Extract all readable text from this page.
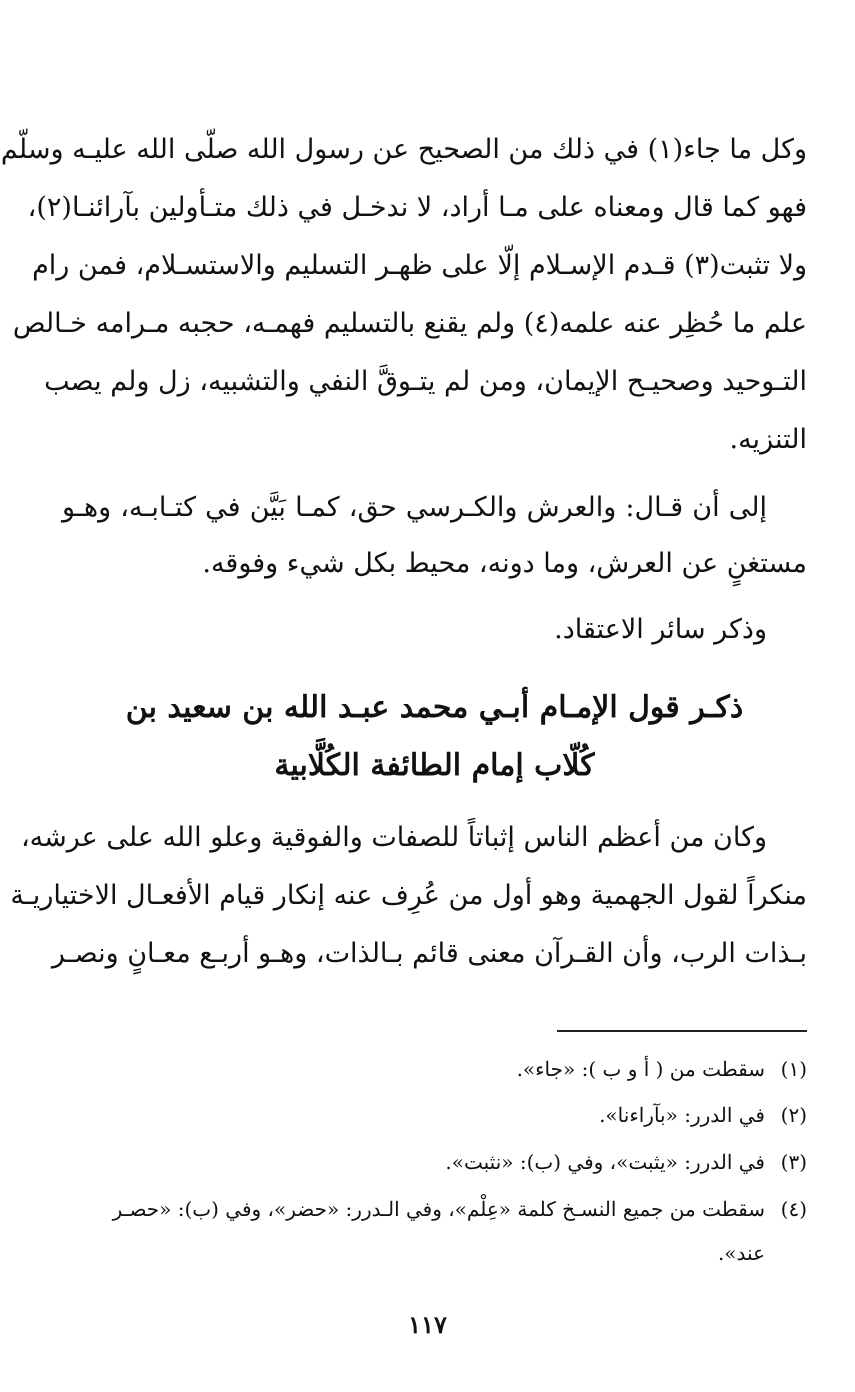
وكل ما جاء(١) في ذلك من الصحيح عن رسول الله صلّى الله عليـه وسلّم
فهو كما قال ومعناه على مـا أراد، لا ندخـل في ذلك متـأولين بآرائنـا(٢)،
ولا تثبت(٣) قـدم الإسـلام إلّا على ظهـر التسليم والاستسـلام، فمن رام
علم ما حُظِر عنه علمه(٤) ولم يقنع بالتسليم فهمـه، حجبه مـرامه خـالص
التـوحيد وصحيـح الإيمان، ومن لم يتـوقَّ النفي والتشبيه، زل ولم يصب
التنزيه.
إلى أن قـال: والعرش والكـرسي حق، كمـا بَيَّن في كتـابـه، وهـو
مستغنٍ عن العرش، وما دونه، محيط بكل شيء وفوقه.
وذكر سائر الاعتقاد.
ذكـر قول الإمـام أبـي محمد عبـد الله بن سعيد بن
كُلّاب إمام الطائفة الكُلَّابية
وكان من أعظم الناس إثباتاً للصفات والفوقية وعلو الله على عرشه،
منكراً لقول الجهمية وهو أول من عُرِف عنه إنكار قيام الأفعـال الاختياريـة
بـذات الرب، وأن القـرآن معنى قائم بـالذات، وهـو أربـع معـانٍ ونصـر
(١)سقطت من ( أ و ب ): «جاء».
(٢)في الدرر: «بآراءنا».
(٣)في الدرر: «يثبت»، وفي (ب): «نثبت».
(٤)سقطت من جميع النسـخ كلمة «عِلْم»، وفي الـدرر: «حضر»، وفي (ب): «حصـر
عند».
١١٧
